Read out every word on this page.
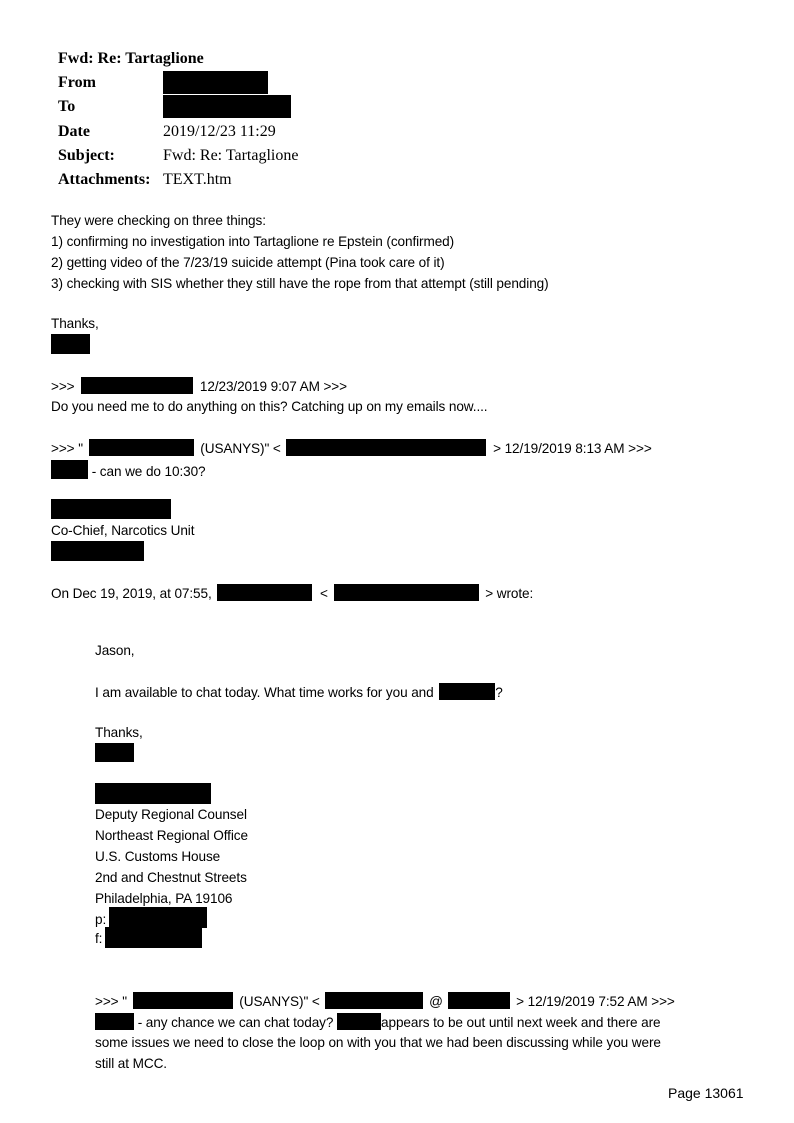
Fwd: Re: Tartaglione
From
To
Date	2019/12/23 11:29
Subject:	Fwd: Re: Tartaglione
Attachments: TEXT.htm
They were checking on three things:
1) confirming no investigation into Tartaglione re Epstein (confirmed)
2) getting video of the 7/23/19 suicide attempt (Pina took care of it)
3) checking with SIS whether they still have the rope from that attempt (still pending)
Thanks,
>>>	12/23/2019 9:07 AM >>>
Do you need me to do anything on this? Catching up on my emails now....
>>> "	(USANYS)" <	> 12/19/2019 8:13 AM >>>
- can we do 10:30?
Co-Chief, Narcotics Unit
On Dec 19, 2019, at 07:55,	<	> wrote:
Jason,
I am available to chat today. What time works for you and	?
Thanks,
Deputy Regional Counsel
Northeast Regional Office
U.S. Customs House
2nd and Chestnut Streets
Philadelphia, PA 19106
p:
f:
>>> "	(USANYS)" <	@	> 12/19/2019 7:52 AM >>>
- any chance we can chat today?	appears to be out until next week and there are
some issues we need to close the loop on with you that we had been discussing while you were
still at MCC.
Page 13061
